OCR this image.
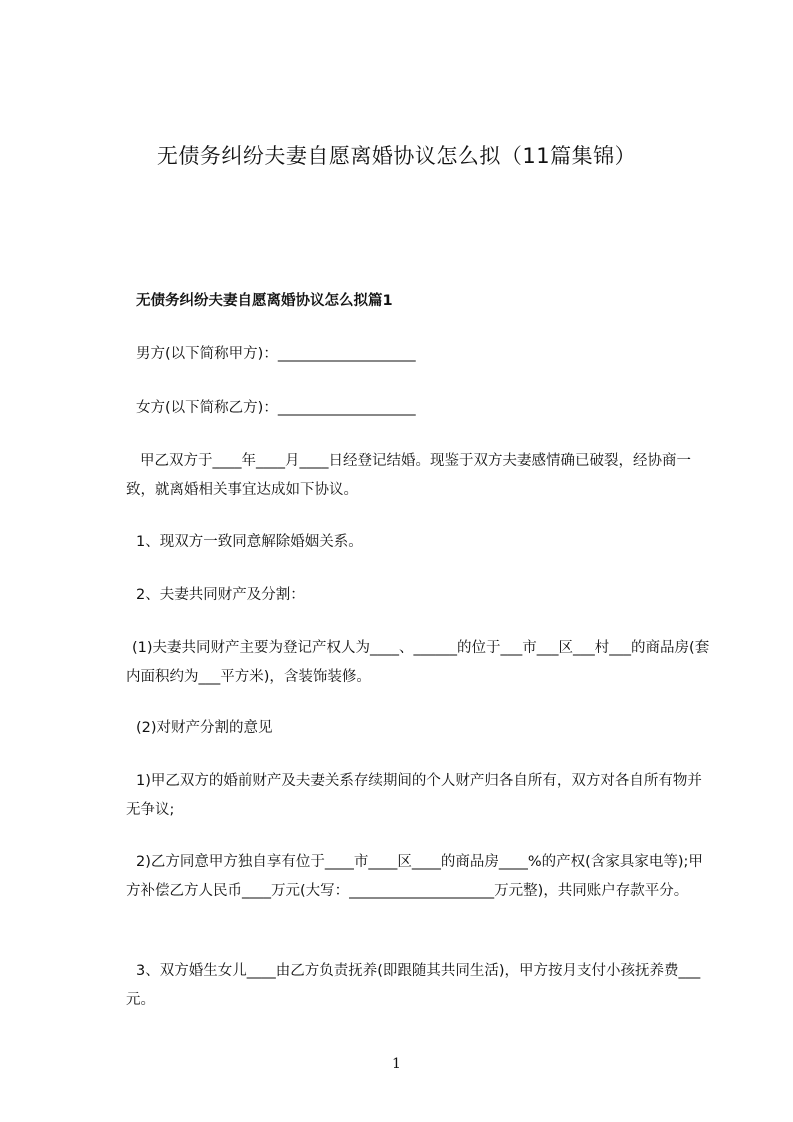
无债务纠纷夫妻自愿离婚协议怎么拟（11篇集锦）

无债务纠纷夫妻自愿离婚协议怎么拟篇1

男方(以下简称甲方)：___________________

女方(以下简称乙方)：___________________

甲乙双方于____年____月____日经登记结婚。现鉴于双方夫妻感情确已破裂，经协商一致，就离婚相关事宜达成如下协议。

1、现双方一致同意解除婚姻关系。

2、夫妻共同财产及分割：

(1)夫妻共同财产主要为登记产权人为____、______的位于___市___区___村___的商品房(套内面积约为___平方米)，含装饰装修。

(2)对财产分割的意见

1)甲乙双方的婚前财产及夫妻关系存续期间的个人财产归各自所有，双方对各自所有物并无争议;

2)乙方同意甲方独自享有位于____市____区____的商品房____%的产权(含家具家电等);甲方补偿乙方人民币____万元(大写：____________________万元整)，共同账户存款平分。

3、双方婚生女儿____由乙方负责抚养(即跟随其共同生活)，甲方按月支付小孩抚养费___元。

1
